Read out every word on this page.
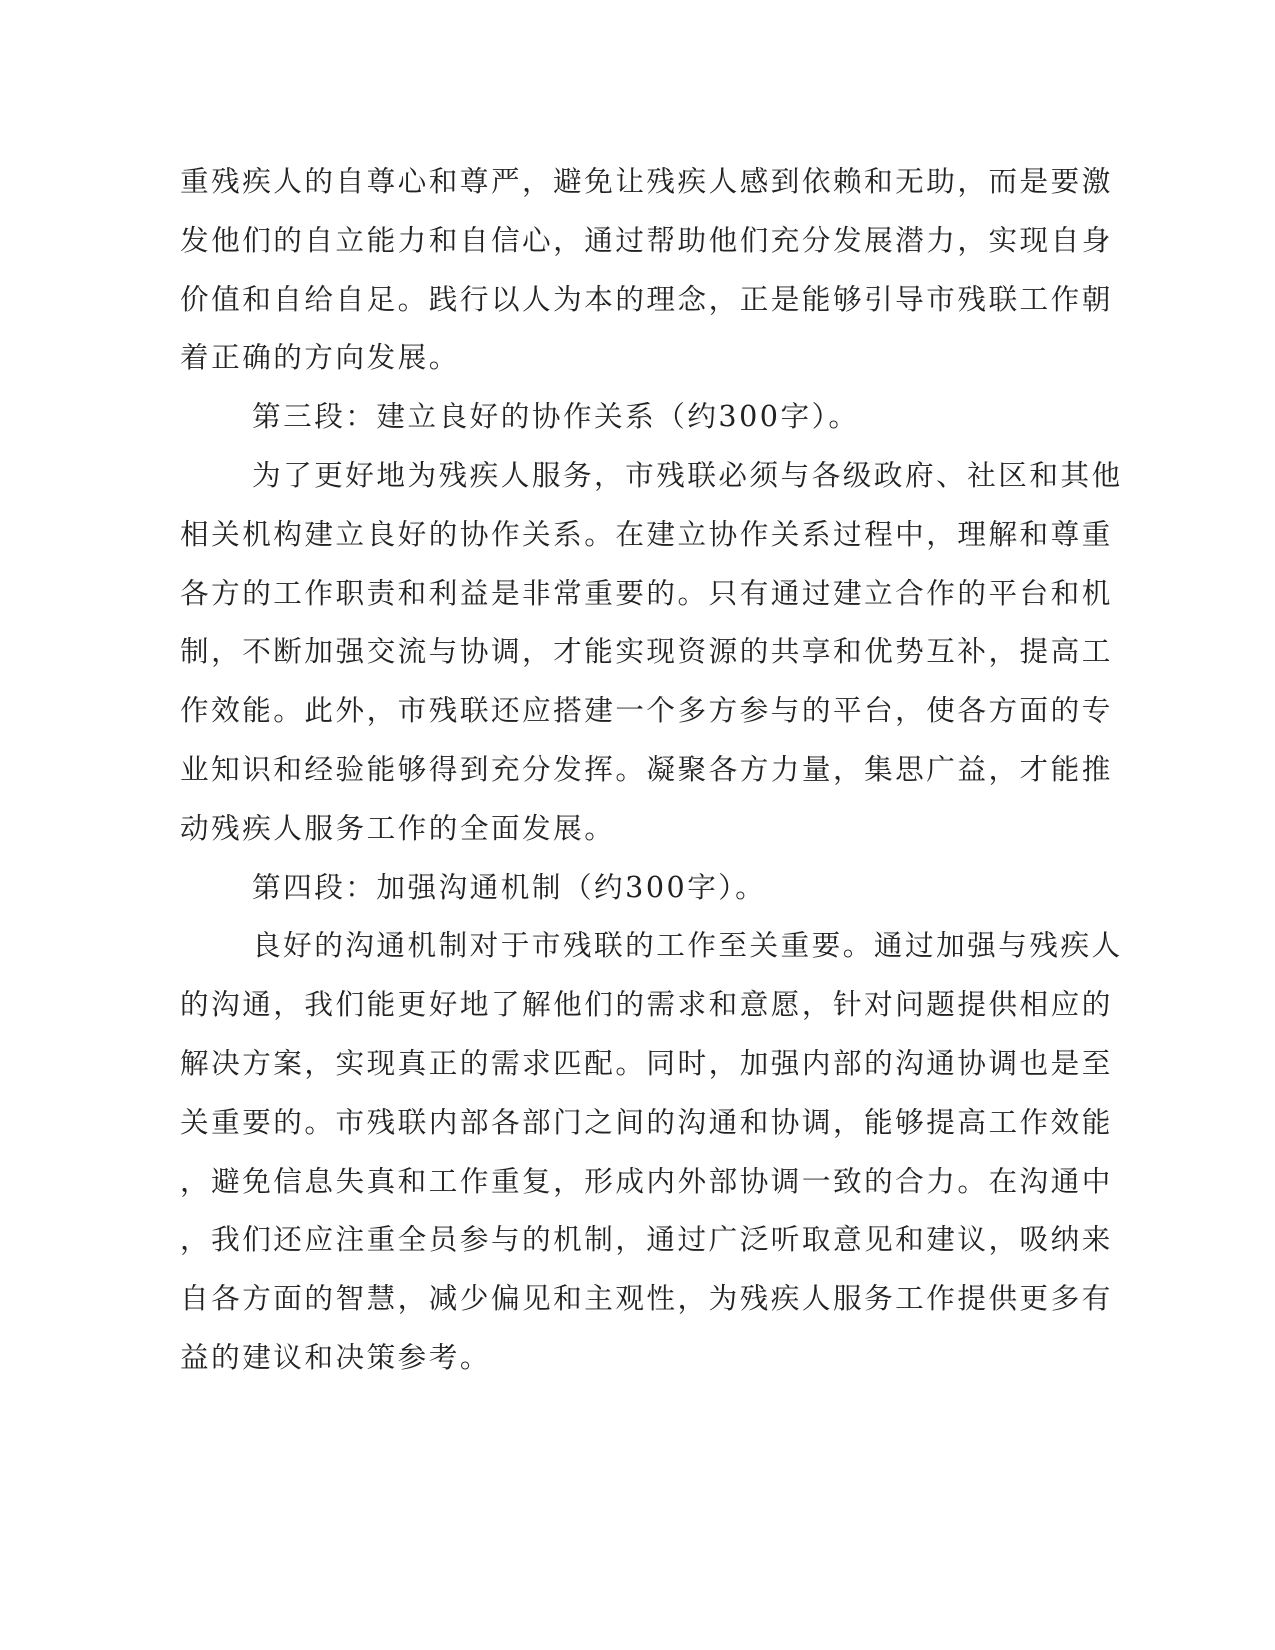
重残疾人的自尊心和尊严，避免让残疾人感到依赖和无助，而是要激
发他们的自立能力和自信心，通过帮助他们充分发展潜力，实现自身
价值和自给自足。践行以人为本的理念，正是能够引导市残联工作朝
着正确的方向发展。
第三段：建立良好的协作关系（约300字）。
为了更好地为残疾人服务，市残联必须与各级政府、社区和其他
相关机构建立良好的协作关系。在建立协作关系过程中，理解和尊重
各方的工作职责和利益是非常重要的。只有通过建立合作的平台和机
制，不断加强交流与协调，才能实现资源的共享和优势互补，提高工
作效能。此外，市残联还应搭建一个多方参与的平台，使各方面的专
业知识和经验能够得到充分发挥。凝聚各方力量，集思广益，才能推
动残疾人服务工作的全面发展。
第四段：加强沟通机制（约300字）。
良好的沟通机制对于市残联的工作至关重要。通过加强与残疾人
的沟通，我们能更好地了解他们的需求和意愿，针对问题提供相应的
解决方案，实现真正的需求匹配。同时，加强内部的沟通协调也是至
关重要的。市残联内部各部门之间的沟通和协调，能够提高工作效能
，避免信息失真和工作重复，形成内外部协调一致的合力。在沟通中
，我们还应注重全员参与的机制，通过广泛听取意见和建议，吸纳来
自各方面的智慧，减少偏见和主观性，为残疾人服务工作提供更多有
益的建议和决策参考。
